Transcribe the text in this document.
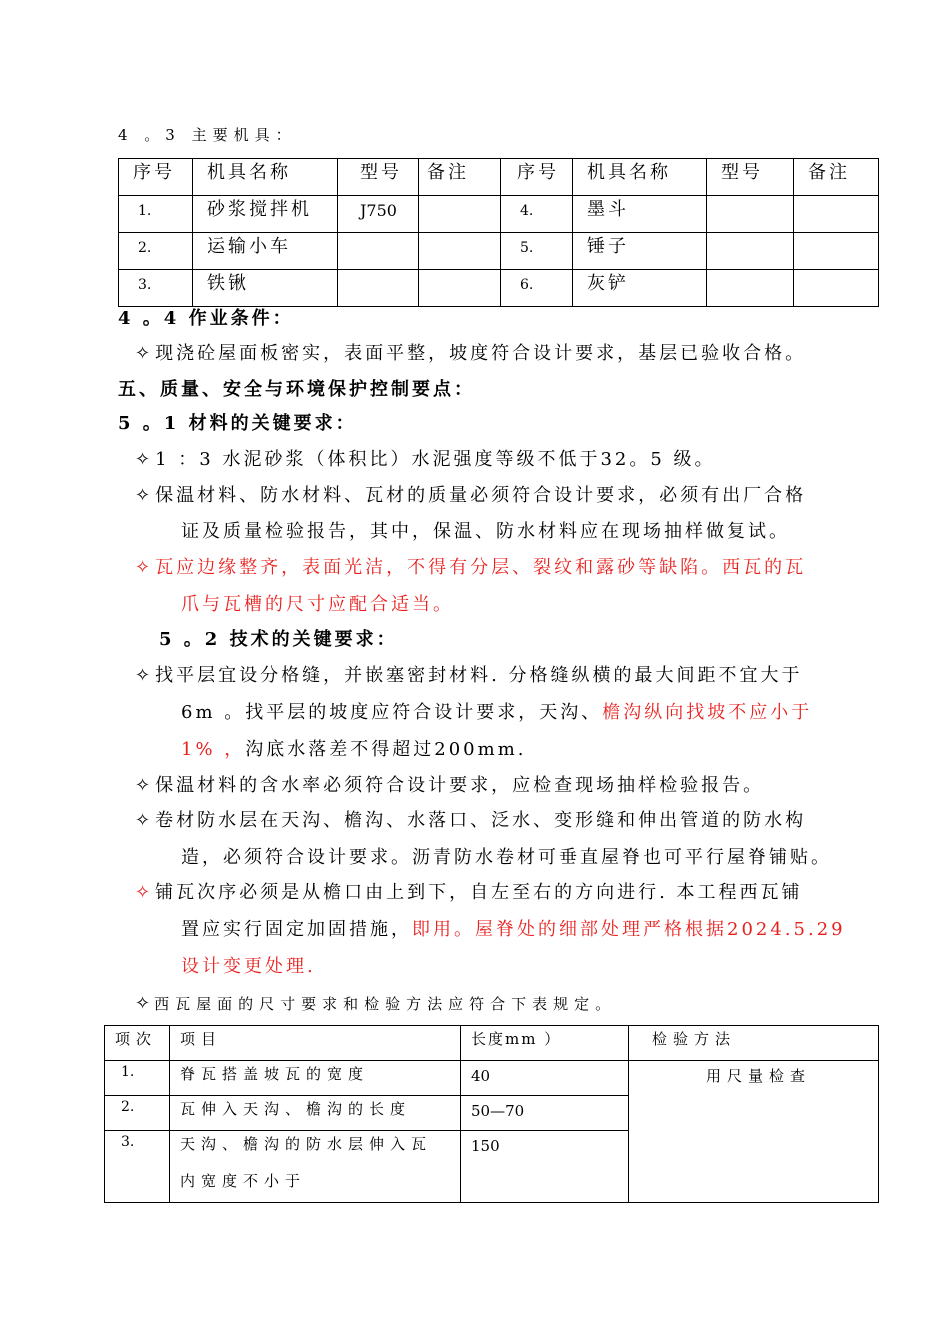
4 。3 主要机具：
序号	机具名称	型号	备注	序号	机具名称	型号	备注

1.	砂浆搅拌机	J750		4.	墨斗		

2.	运输小车			5.	锤子		

3.	铁锹			6.	灰铲		

4 。4 作业条件：
✧ 现浇砼屋面板密实，表面平整，坡度符合设计要求，基层已验收合格。
五、质量、安全与环境保护控制要点：
5 。1 材料的关键要求：
✧ 1 ：3 水泥砂浆（体积比）水泥强度等级不低于32。5 级。
✧ 保温材料、防水材料、瓦材的质量必须符合设计要求，必须有出厂合格
证及质量检验报告，其中，保温、防水材料应在现场抽样做复试。
✧ 瓦应边缘整齐，表面光洁，不得有分层、裂纹和露砂等缺陷。西瓦的瓦
爪与瓦槽的尺寸应配合适当。
5 。2 技术的关键要求：
✧ 找平层宜设分格缝，并嵌塞密封材料. 分格缝纵横的最大间距不宜大于
6m 。找平层的坡度应符合设计要求，天沟、檐沟纵向找坡不应小于
1% ，沟底水落差不得超过200mm.
✧ 保温材料的含水率必须符合设计要求，应检查现场抽样检验报告。
✧ 卷材防水层在天沟、檐沟、水落口、泛水、变形缝和伸出管道的防水构
造，必须符合设计要求。沥青防水卷材可垂直屋脊也可平行屋脊铺贴。
✧ 铺瓦次序必须是从檐口由上到下，自左至右的方向进行. 本工程西瓦铺
置应实行固定加固措施，即用。屋脊处的细部处理严格根据2024.5.29
设计变更处理.
✧ 西瓦屋面的尺寸要求和检验方法应符合下表规定。
项次	项目	长度mm ）	检验方法

1.	脊瓦搭盖坡瓦的宽度	40	用尺量检查

2.	瓦伸入天沟、檐沟的长度	50—70	

3.	天沟、檐沟的防水层伸入瓦
内宽度不小于	150	
